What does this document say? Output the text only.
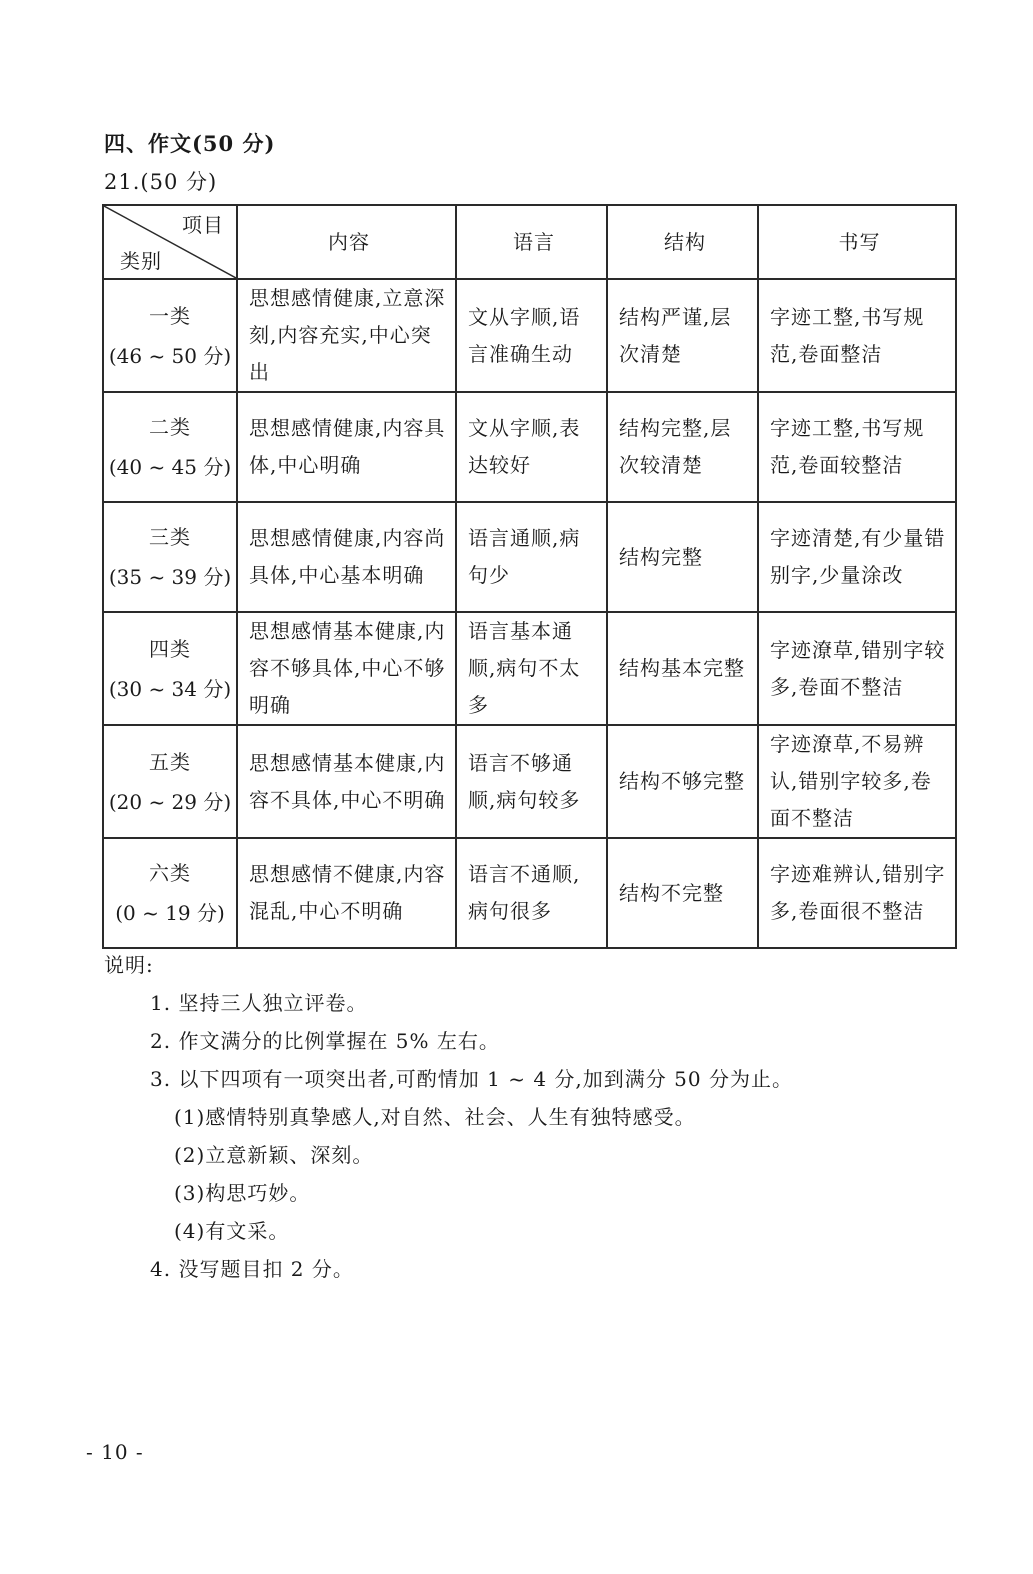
四、作文(50 分)
21.(50 分)
项目
类别	内容	语言	结构	书写

一类
(46 ~ 50 分)	思想感情健康,立意深刻,内容充实,中心突出	文从字顺,语言准确生动	结构严谨,层次清楚	字迹工整,书写规范,卷面整洁

二类
(40 ~ 45 分)	思想感情健康,内容具体,中心明确	文从字顺,表达较好	结构完整,层次较清楚	字迹工整,书写规范,卷面较整洁

三类
(35 ~ 39 分)	思想感情健康,内容尚具体,中心基本明确	语言通顺,病句少	结构完整	字迹清楚,有少量错别字,少量涂改

四类
(30 ~ 34 分)	思想感情基本健康,内容不够具体,中心不够明确	语言基本通顺,病句不太多	结构基本完整	字迹潦草,错别字较多,卷面不整洁

五类
(20 ~ 29 分)	思想感情基本健康,内容不具体,中心不明确	语言不够通顺,病句较多	结构不够完整	字迹潦草,不易辨认,错别字较多,卷面不整洁

六类
(0 ~ 19 分)	思想感情不健康,内容混乱,中心不明确	语言不通顺,病句很多	结构不完整	字迹难辨认,错别字多,卷面很不整洁
说明:
1. 坚持三人独立评卷。
2. 作文满分的比例掌握在 5% 左右。
3. 以下四项有一项突出者,可酌情加 1 ~ 4 分,加到满分 50 分为止。
(1)感情特别真挚感人,对自然、社会、人生有独特感受。
(2)立意新颖、深刻。
(3)构思巧妙。
(4)有文采。
4. 没写题目扣 2 分。
- 10 -
